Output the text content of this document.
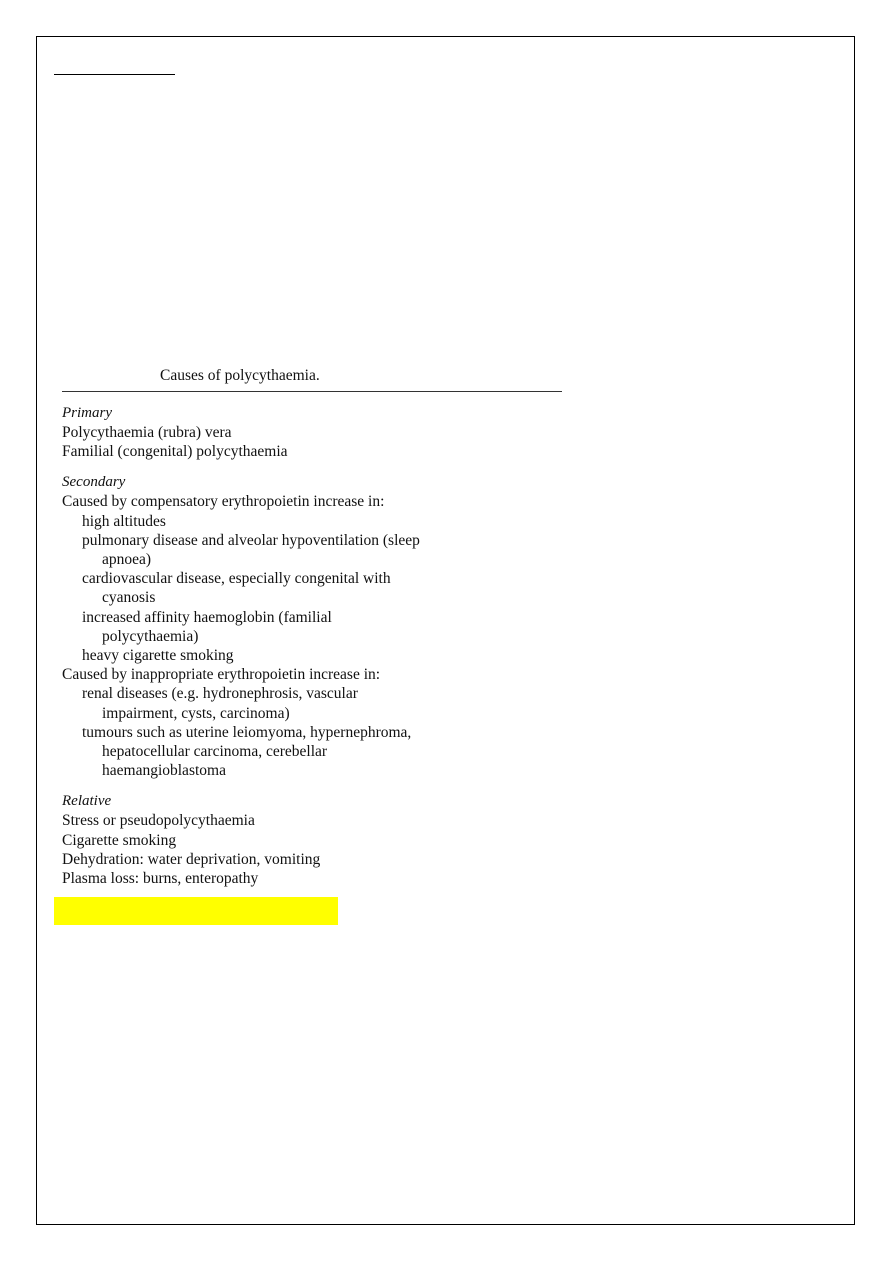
Causes of polycythaemia.
Primary
Polycythaemia (rubra) vera
Familial (congenital) polycythaemia
Secondary
Caused by compensatory erythropoietin increase in:
high altitudes
pulmonary disease and alveolar hypoventilation (sleep
apnoea)
cardiovascular disease, especially congenital with
cyanosis
increased affinity haemoglobin (familial
polycythaemia)
heavy cigarette smoking
Caused by inappropriate erythropoietin increase in:
renal diseases (e.g. hydronephrosis, vascular
impairment, cysts, carcinoma)
tumours such as uterine leiomyoma, hypernephroma,
hepatocellular carcinoma, cerebellar
haemangioblastoma
Relative
Stress or pseudopolycythaemia
Cigarette smoking
Dehydration: water deprivation, vomiting
Plasma loss: burns, enteropathy
